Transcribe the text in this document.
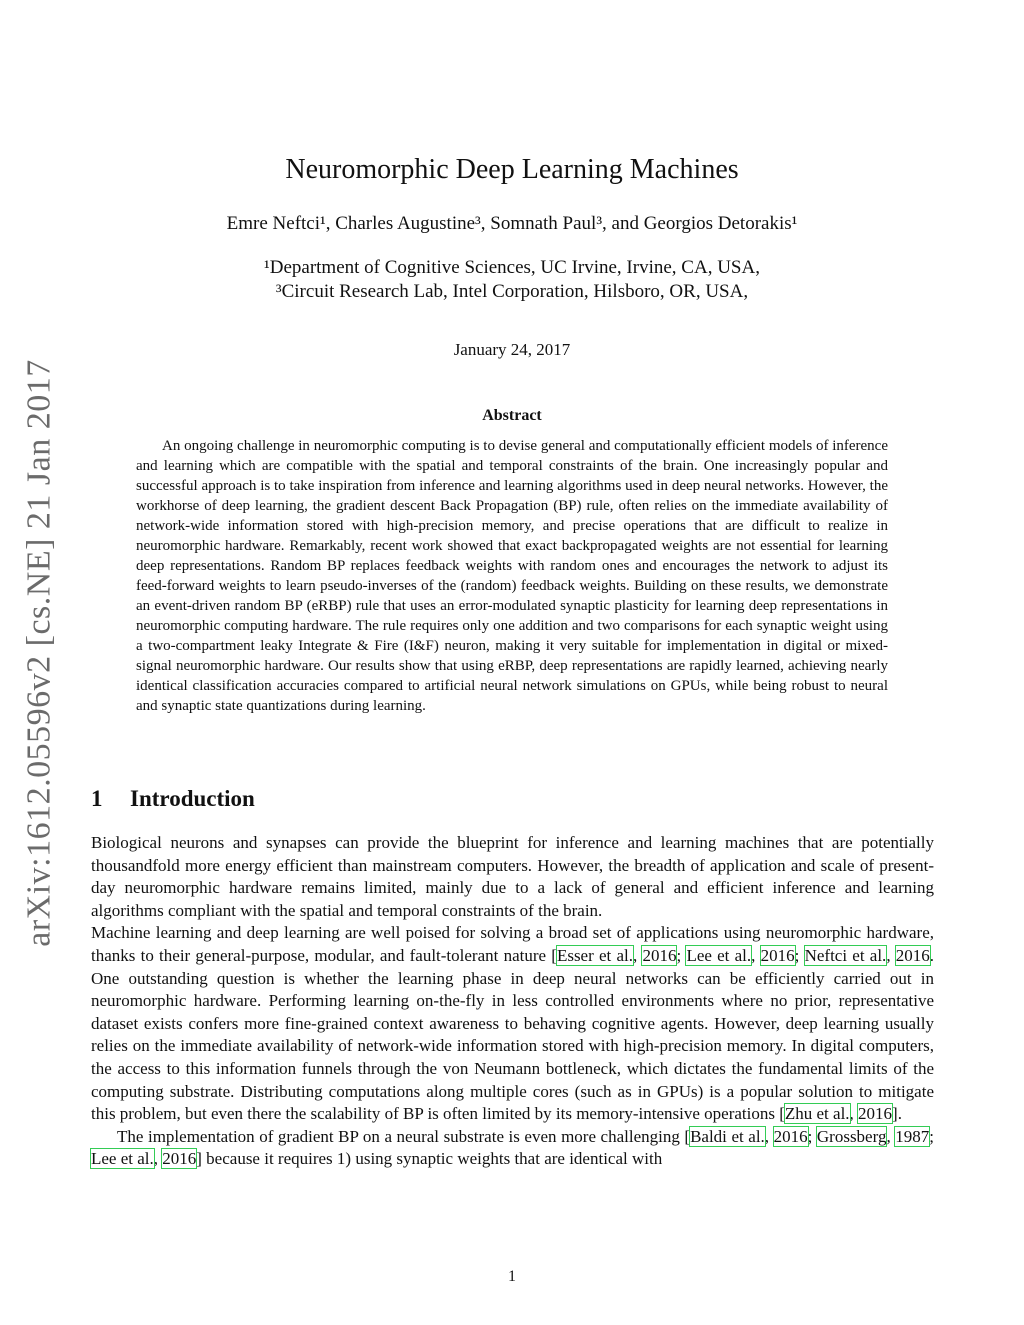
arXiv:1612.05596v2 [cs.NE] 21 Jan 2017
Neuromorphic Deep Learning Machines
Emre Neftci¹, Charles Augustine³, Somnath Paul³, and Georgios Detorakis¹
¹Department of Cognitive Sciences, UC Irvine, Irvine, CA, USA,
³Circuit Research Lab, Intel Corporation, Hilsboro, OR, USA,
January 24, 2017
Abstract

An ongoing challenge in neuromorphic computing is to devise general and computationally efficient models of inference and learning which are compatible with the spatial and temporal constraints of the brain. One increasingly popular and successful approach is to take inspiration from inference and learning algorithms used in deep neural networks. However, the workhorse of deep learning, the gradient descent Back Propagation (BP) rule, often relies on the immediate availability of network-wide information stored with high-precision memory, and precise operations that are difficult to realize in neuromorphic hardware. Remarkably, recent work showed that exact backpropagated weights are not essential for learning deep representations. Random BP replaces feedback weights with random ones and encourages the network to adjust its feed-forward weights to learn pseudo-inverses of the (random) feedback weights. Building on these results, we demonstrate an event-driven random BP (eRBP) rule that uses an error-modulated synaptic plasticity for learning deep representations in neuromorphic computing hardware. The rule requires only one addition and two comparisons for each synaptic weight using a two-compartment leaky Integrate & Fire (I&F) neuron, making it very suitable for implementation in digital or mixed-signal neuromorphic hardware. Our results show that using eRBP, deep representations are rapidly learned, achieving nearly identical classification accuracies compared to artificial neural network simulations on GPUs, while being robust to neural and synaptic state quantizations during learning.

1 Introduction

Biological neurons and synapses can provide the blueprint for inference and learning machines that are potentially thousandfold more energy efficient than mainstream computers. However, the breadth of application and scale of present-day neuromorphic hardware remains limited, mainly due to a lack of general and efficient inference and learning algorithms compliant with the spatial and temporal constraints of the brain.

Machine learning and deep learning are well poised for solving a broad set of applications using neuromorphic hardware, thanks to their general-purpose, modular, and fault-tolerant nature [Esser et al., 2016; Lee et al., 2016; Neftci et al., 2016. One outstanding question is whether the learning phase in deep neural networks can be efficiently carried out in neuromorphic hardware. Performing learning on-the-fly in less controlled environments where no prior, representative dataset exists confers more fine-grained context awareness to behaving cognitive agents. However, deep learning usually relies on the immediate availability of network-wide information stored with high-precision memory. In digital computers, the access to this information funnels through the von Neumann bottleneck, which dictates the fundamental limits of the computing substrate. Distributing computations along multiple cores (such as in GPUs) is a popular solution to mitigate this problem, but even there the scalability of BP is often limited by its memory-intensive operations [Zhu et al., 2016].

The implementation of gradient BP on a neural substrate is even more challenging [Baldi et al., 2016; Grossberg, 1987; Lee et al., 2016] because it requires 1) using synaptic weights that are identical with

1
